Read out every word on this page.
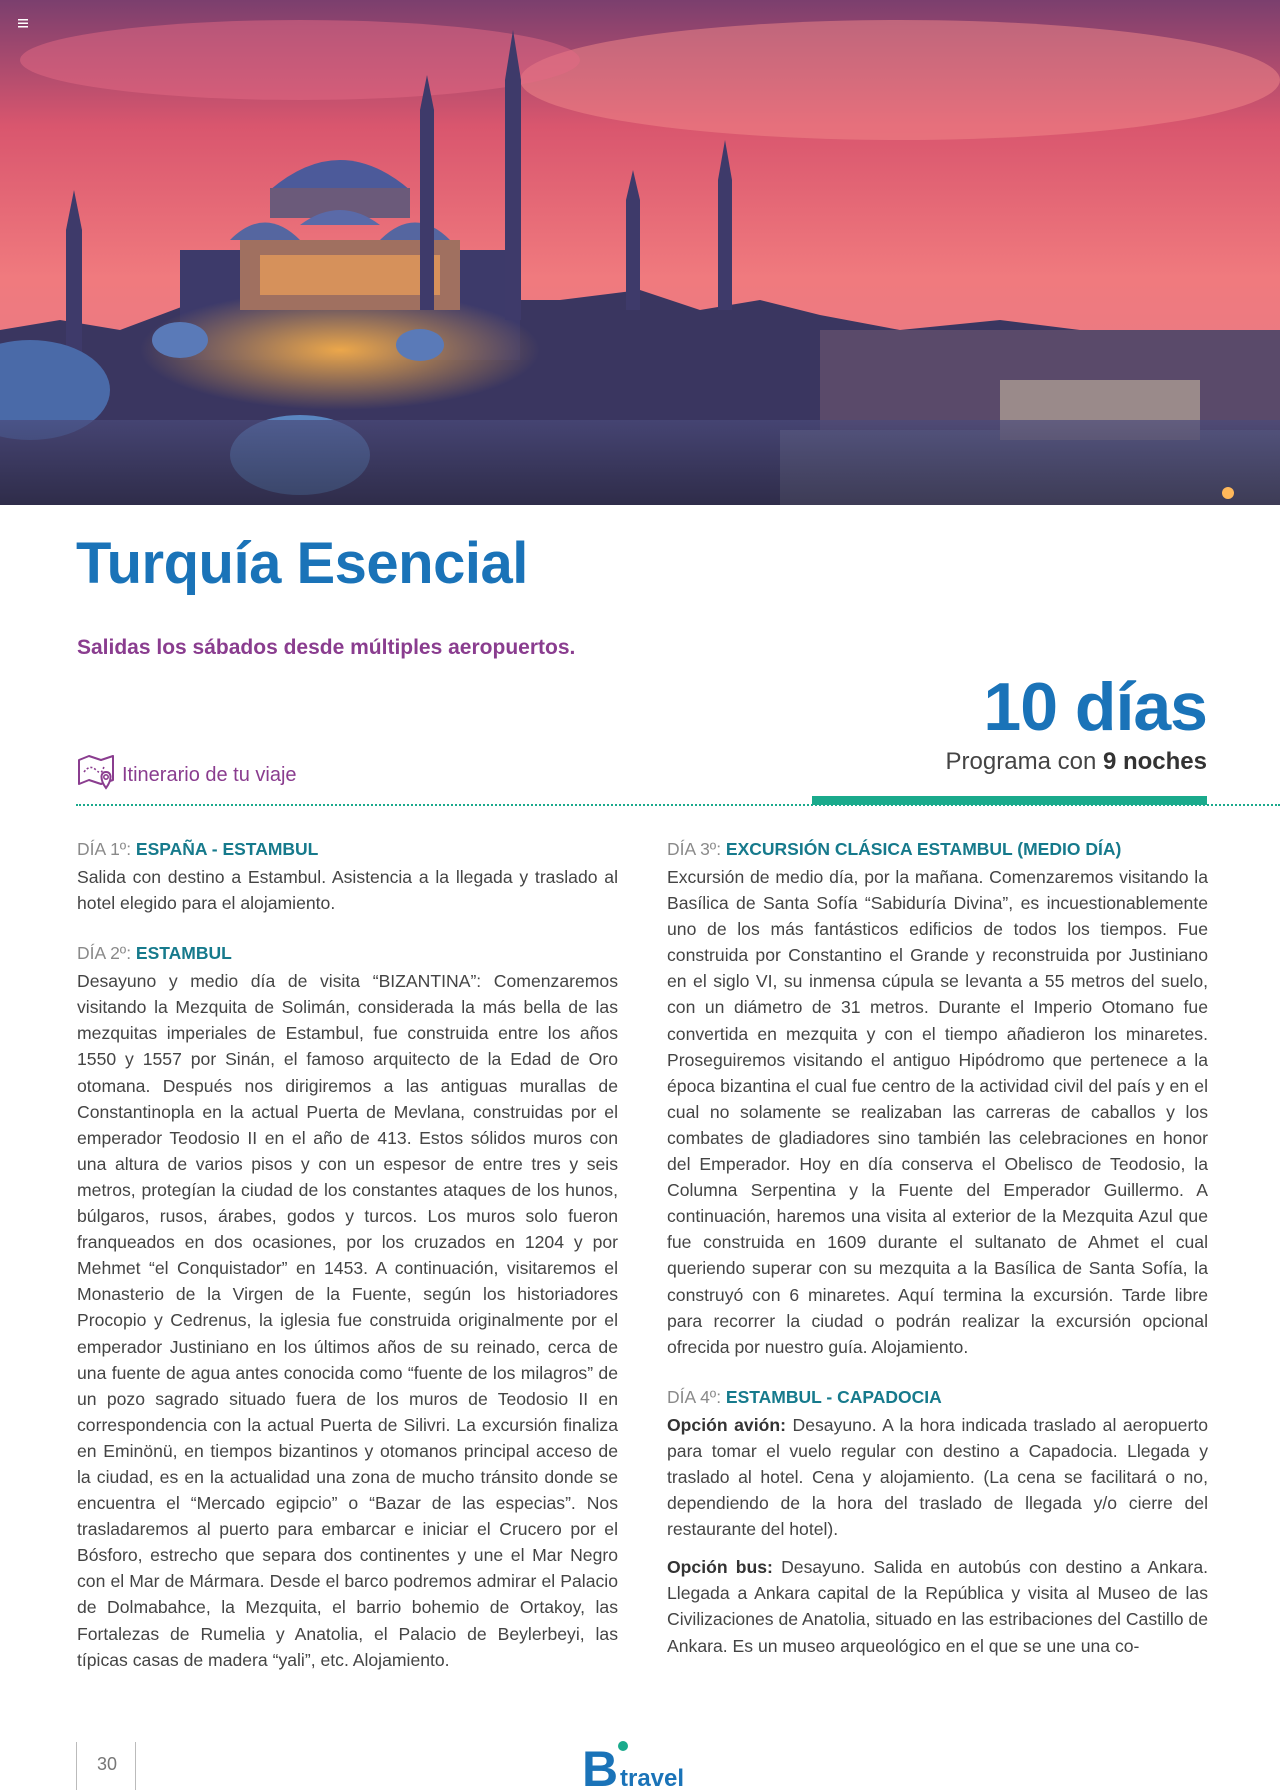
Turquía Esencial

Salidas los sábados desde múltiples aeropuertos.

10 días
Programa con 9 noches
Itinerario de tu viaje
DÍA 1º: ESPAÑA - ESTAMBUL

Salida con destino a Estambul. Asistencia a la llegada y traslado al hotel elegido para el alojamiento.

DÍA 2º: ESTAMBUL

Desayuno y medio día de visita “BIZANTINA”: Comenzaremos visitando la Mezquita de Solimán, considerada la más bella de las mezquitas imperiales de Estambul, fue construida entre los años 1550 y 1557 por Sinán, el famoso arquitecto de la Edad de Oro otomana. Después nos dirigiremos a las antiguas murallas de Constantinopla en la actual Puerta de Mevlana, construidas por el emperador Teodosio II en el año de 413. Estos sólidos muros con una altura de varios pisos y con un espesor de entre tres y seis metros, protegían la ciudad de los constantes ataques de los hunos, búlgaros, rusos, árabes, godos y turcos. Los muros solo fueron franqueados en dos ocasiones, por los cruzados en 1204 y por Mehmet “el Conquistador” en 1453. A continuación, visitaremos el Monasterio de la Virgen de la Fuente, según los historiadores Procopio y Cedrenus, la iglesia fue construida originalmente por el emperador Justiniano en los últimos años de su reinado, cerca de una fuente de agua antes conocida como “fuente de los milagros” de un pozo sagrado situado fuera de los muros de Teodosio II en correspondencia con la actual Puerta de Silivri. La excursión finaliza en Eminönü, en tiempos bizantinos y otomanos principal acceso de la ciudad, es en la actualidad una zona de mucho tránsito donde se encuentra el “Mercado egipcio” o “Bazar de las especias”. Nos trasladaremos al puerto para embarcar e iniciar el Crucero por el Bósforo, estrecho que separa dos continentes y une el Mar Negro con el Mar de Mármara. Desde el barco podremos admirar el Palacio de Dolmabahce, la Mezquita, el barrio bohemio de Ortakoy, las Fortalezas de Rumelia y Anatolia, el Palacio de Beylerbeyi, las típicas casas de madera “yali”, etc. Alojamiento.

DÍA 3º: EXCURSIÓN CLÁSICA ESTAMBUL (MEDIO DÍA)

Excursión de medio día, por la mañana. Comenzaremos visitando la Basílica de Santa Sofía “Sabiduría Divina”, es incuestionablemente uno de los más fantásticos edificios de todos los tiempos. Fue construida por Constantino el Grande y reconstruida por Justiniano en el siglo VI, su inmensa cúpula se levanta a 55 metros del suelo, con un diámetro de 31 metros. Durante el Imperio Otomano fue convertida en mezquita y con el tiempo añadieron los minaretes. Proseguiremos visitando el antiguo Hipódromo que pertenece a la época bizantina el cual fue centro de la actividad civil del país y en el cual no solamente se realizaban las carreras de caballos y los combates de gladiadores sino también las celebraciones en honor del Emperador. Hoy en día conserva el Obelisco de Teodosio, la Columna Serpentina y la Fuente del Emperador Guillermo. A continuación, haremos una visita al exterior de la Mezquita Azul que fue construida en 1609 durante el sultanato de Ahmet el cual queriendo superar con su mezquita a la Basílica de Santa Sofía, la construyó con 6 minaretes. Aquí termina la excursión. Tarde libre para recorrer la ciudad o podrán realizar la excursión opcional ofrecida por nuestro guía. Alojamiento.

DÍA 4º: ESTAMBUL - CAPADOCIA

Opción avión: Desayuno. A la hora indicada traslado al aeropuerto para tomar el vuelo regular con destino a Capadocia. Llegada y traslado al hotel. Cena y alojamiento. (La cena se facilitará o no, dependiendo de la hora del traslado de llegada y/o cierre del restaurante del hotel).

Opción bus: Desayuno. Salida en autobús con destino a Ankara. Llegada a Ankara capital de la República y visita al Museo de las Civilizaciones de Anatolia, situado en las estribaciones del Castillo de Ankara. Es un museo arqueológico en el que se une una co-

30	B travel
